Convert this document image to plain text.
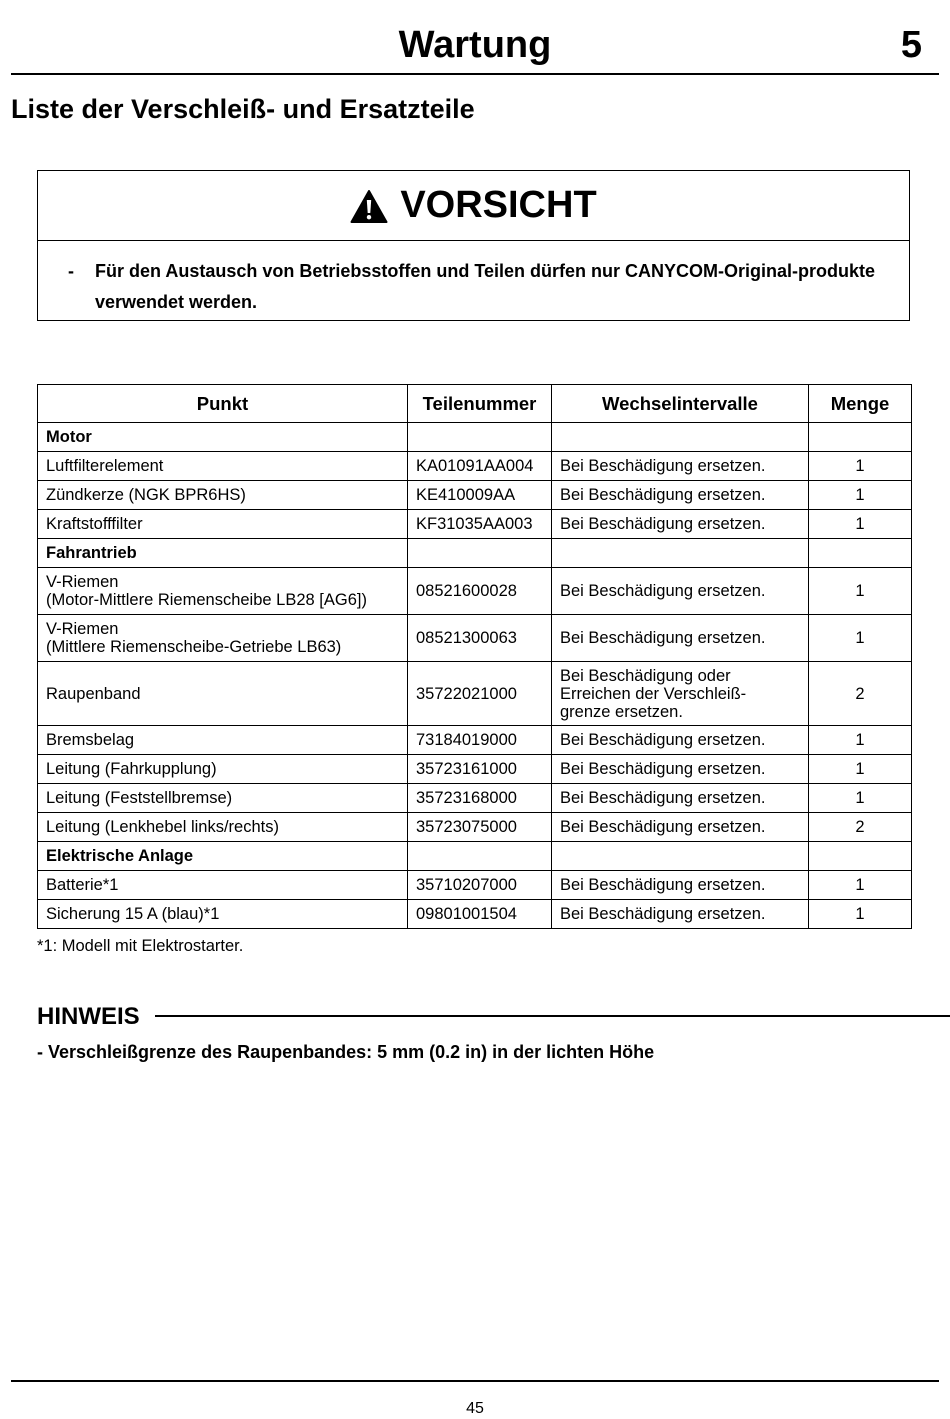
Wartung	5
Liste der Verschleiß- und Ersatzteile
VORSICHT
-	Für den Austausch von Betriebsstoffen und Teilen dürfen nur CANYCOM-Original-produkte verwendet werden.
Punkt	Teilenummer	Wechselintervalle	Menge
Motor			
Luftfilterelement	KA01091AA004	Bei Beschädigung ersetzen.	1
Zündkerze (NGK BPR6HS)	KE410009AA	Bei Beschädigung ersetzen.	1
Kraftstofffilter	KF31035AA003	Bei Beschädigung ersetzen.	1
Fahrantrieb			
V-Riemen
(Motor-Mittlere Riemenscheibe LB28 [AG6])	08521600028	Bei Beschädigung ersetzen.	1
V-Riemen
(Mittlere Riemenscheibe-Getriebe LB63)	08521300063	Bei Beschädigung ersetzen.	1
Raupenband	35722021000	Bei Beschädigung oder
Erreichen der Verschleiß-
grenze ersetzen.	2
Bremsbelag	73184019000	Bei Beschädigung ersetzen.	1
Leitung (Fahrkupplung)	35723161000	Bei Beschädigung ersetzen.	1
Leitung (Feststellbremse)	35723168000	Bei Beschädigung ersetzen.	1
Leitung (Lenkhebel links/rechts)	35723075000	Bei Beschädigung ersetzen.	2
Elektrische Anlage			
Batterie*1	35710207000	Bei Beschädigung ersetzen.	1
Sicherung 15 A (blau)*1	09801001504	Bei Beschädigung ersetzen.	1
*1: Modell mit Elektrostarter.
HINWEIS
- Verschleißgrenze des Raupenbandes: 5 mm (0.2 in) in der lichten Höhe
45
